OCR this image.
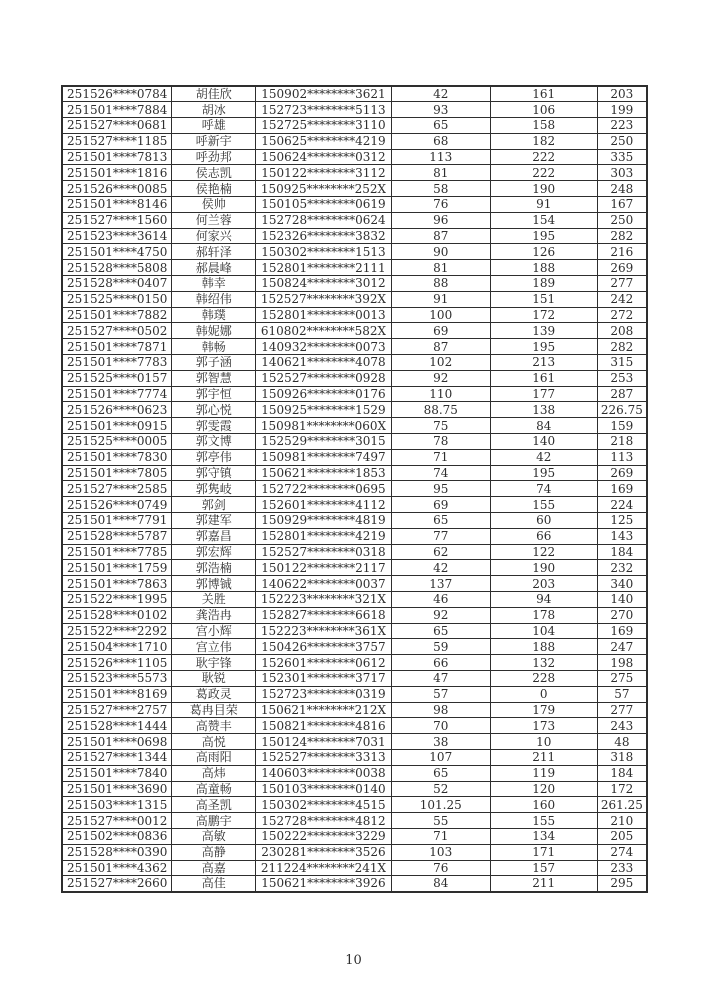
251526****0784	胡佳欣	150902********3621	42	161	203
251501****7884	胡冰	152723********5113	93	106	199
251527****0681	呼雄	152725********3110	65	158	223
251527****1185	呼新宇	150625********4219	68	182	250
251501****7813	呼劲邦	150624********0312	113	222	335
251501****1816	侯志凯	150122********3112	81	222	303
251526****0085	侯艳楠	150925********252X	58	190	248
251501****8146	侯帅	150105********0619	76	91	167
251527****1560	何兰蓉	152728********0624	96	154	250
251523****3614	何家兴	152326********3832	87	195	282
251501****4750	郝轩泽	150302********1513	90	126	216
251528****5808	郝晨峰	152801********2111	81	188	269
251528****0407	韩幸	150824********3012	88	189	277
251525****0150	韩绍伟	152527********392X	91	151	242
251501****7882	韩璞	152801********0013	100	172	272
251527****0502	韩妮娜	610802********582X	69	139	208
251501****7871	韩畅	140932********0073	87	195	282
251501****7783	郭子涵	140621********4078	102	213	315
251525****0157	郭智慧	152527********0928	92	161	253
251501****7774	郭宇恒	150926********0176	110	177	287
251526****0623	郭心悦	150925********1529	88.75	138	226.75
251501****0915	郭雯霞	150981********060X	75	84	159
251525****0005	郭文博	152529********3015	78	140	218
251501****7830	郭亭伟	150981********7497	71	42	113
251501****7805	郭守镇	150621********1853	74	195	269
251527****2585	郭隽岐	152722********0695	95	74	169
251526****0749	郭剑	152601********4112	69	155	224
251501****7791	郭建军	150929********4819	65	60	125
251528****5787	郭嘉昌	152801********4219	77	66	143
251501****7785	郭宏辉	152527********0318	62	122	184
251501****1759	郭浩楠	150122********2117	42	190	232
251501****7863	郭博铖	140622********0037	137	203	340
251522****1995	关胜	152223********321X	46	94	140
251528****0102	龚浩冉	152827********6618	92	178	270
251522****2292	宫小辉	152223********361X	65	104	169
251504****1710	宫立伟	150426********3757	59	188	247
251526****1105	耿宇锋	152601********0612	66	132	198
251523****5573	耿锐	152301********3717	47	228	275
251501****8169	葛政灵	152723********0319	57	0	57
251527****2757	葛冉目荣	150621********212X	98	179	277
251528****1444	高赞丰	150821********4816	70	173	243
251501****0698	高悦	150124********7031	38	10	48
251527****1344	高雨阳	152527********3313	107	211	318
251501****7840	高炜	140603********0038	65	119	184
251501****3690	高童畅	150103********0140	52	120	172
251503****1315	高圣凯	150302********4515	101.25	160	261.25
251527****0012	高鹏宇	152728********4812	55	155	210
251502****0836	高敏	150222********3229	71	134	205
251528****0390	高静	230281********3526	103	171	274
251501****4362	高嘉	211224********241X	76	157	233
251527****2660	高佳	150621********3926	84	211	295
10
